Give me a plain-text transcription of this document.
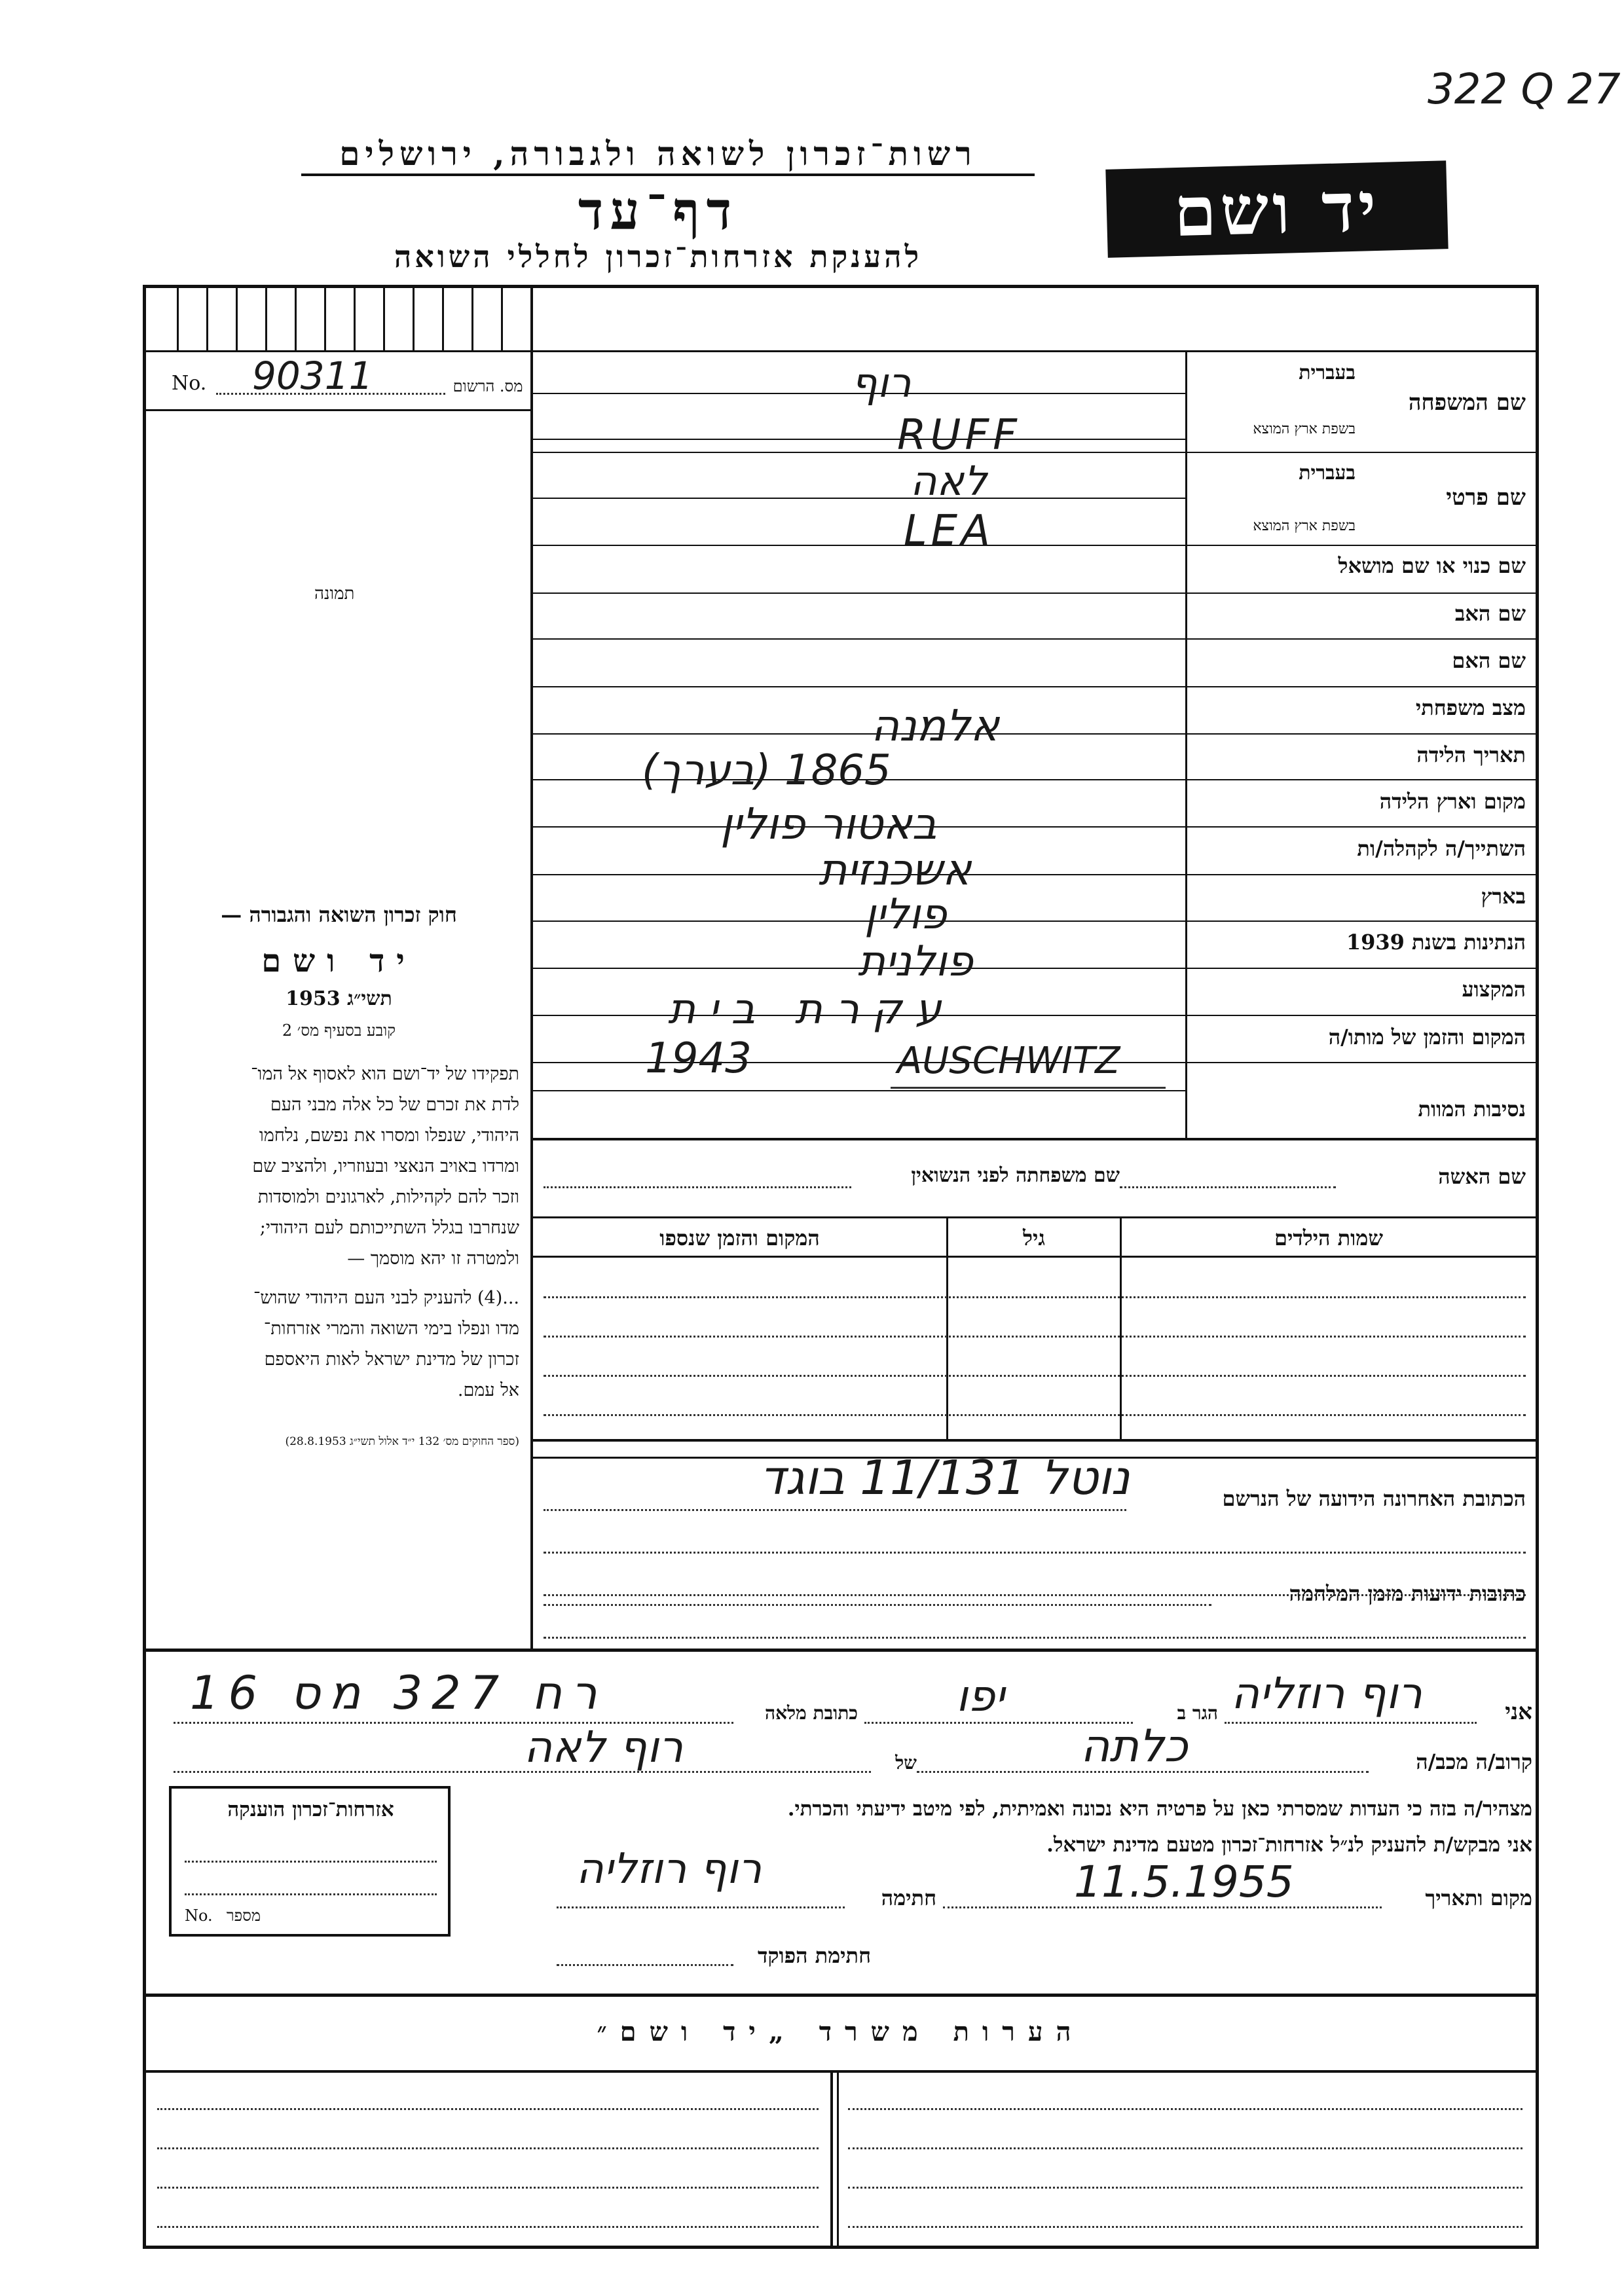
322 Q 27
רשות־זכרון לשואה ולגבורה, ירושלים
דף־עד
להענקת אזרחות־זכרון לחללי השואה
יד ושם
No.	מס. הרשום
90311
תמונה
שם המשפחה
בעברית
בשפת ארץ המוצא
שם פרטי
בעברית
בשפת ארץ המוצא
שם כנוי או שם מושאל
שם האב
שם האם
מצב משפחתי
תאריך הלידה
מקום וארץ הלידה
השתייך/ה לקהלה/ות
בארץ
הנתינות בשנת 1939
המקצוע
המקום והזמן של מותו/ה
נסיבות המוות
רוף
RUFF
לאה
LEA
אלמנה
1865 (בערך)
באטור פולין
אשכנזית
פולין
פולנית
עקרת בית
1943	AUSCHWITZ
שם האשה
שם משפחתה לפני הנשואין
שמות הילדים
גיל
המקום והזמן שנספו
חוק זכרון השואה והגבורה —
יד ושם
תשי״ג 1953
קובע בסעיף מס׳ 2
תפקידו של יד־ושם הוא לאסוף אל המו־
לדת את זכרם של כל אלה מבני העם
היהודי, שנפלו ומסרו את נפשם, נלחמו
ומרדו באויב הנאצי ובעוזריו, ולהציב שם
וזכר להם לקהילות, לארגונים ולמוסדות
שנחרבו בגלל השתייכותם לעם היהודי;
ולמטרה זו יהא מוסמך —
...(4) להעניק לבני העם היהודי שהוש־
מדו ונפלו בימי השואה והמרי אזרחות־
זכרון של מדינת ישראל לאות היאספם
אל עמם.
(ספר החוקים מס׳ 132 י״ד אלול תשי״ג 28.8.1953)
הכתובת האחרונה הידועה של הנרשם
נוטל 11/131 בוגד
כתובות ידועות מזמן המלחמה
אני
רוף רוזליה
הגר ב
יפו
כתובת מלאה
רח 327 מס 16
קרוב/ה מכב/ה
כלתה
של
רוף לאה
אזרחות־זכרון הוענקה
No. מספר
מצהיר/ה בזה כי העדות שמסרתי כאן על פרטיה היא נכונה ואמיתית, לפי מיטב ידיעתי והכרתי.
אני מבקש/ת להעניק לנ״ל אזרחות־זכרון מטעם מדינת ישראל.
מקום ותאריך
11.5.1955
חתימה
רוף רוזליה
חתימת הפוקד
הערות משרד „יד ושם״
